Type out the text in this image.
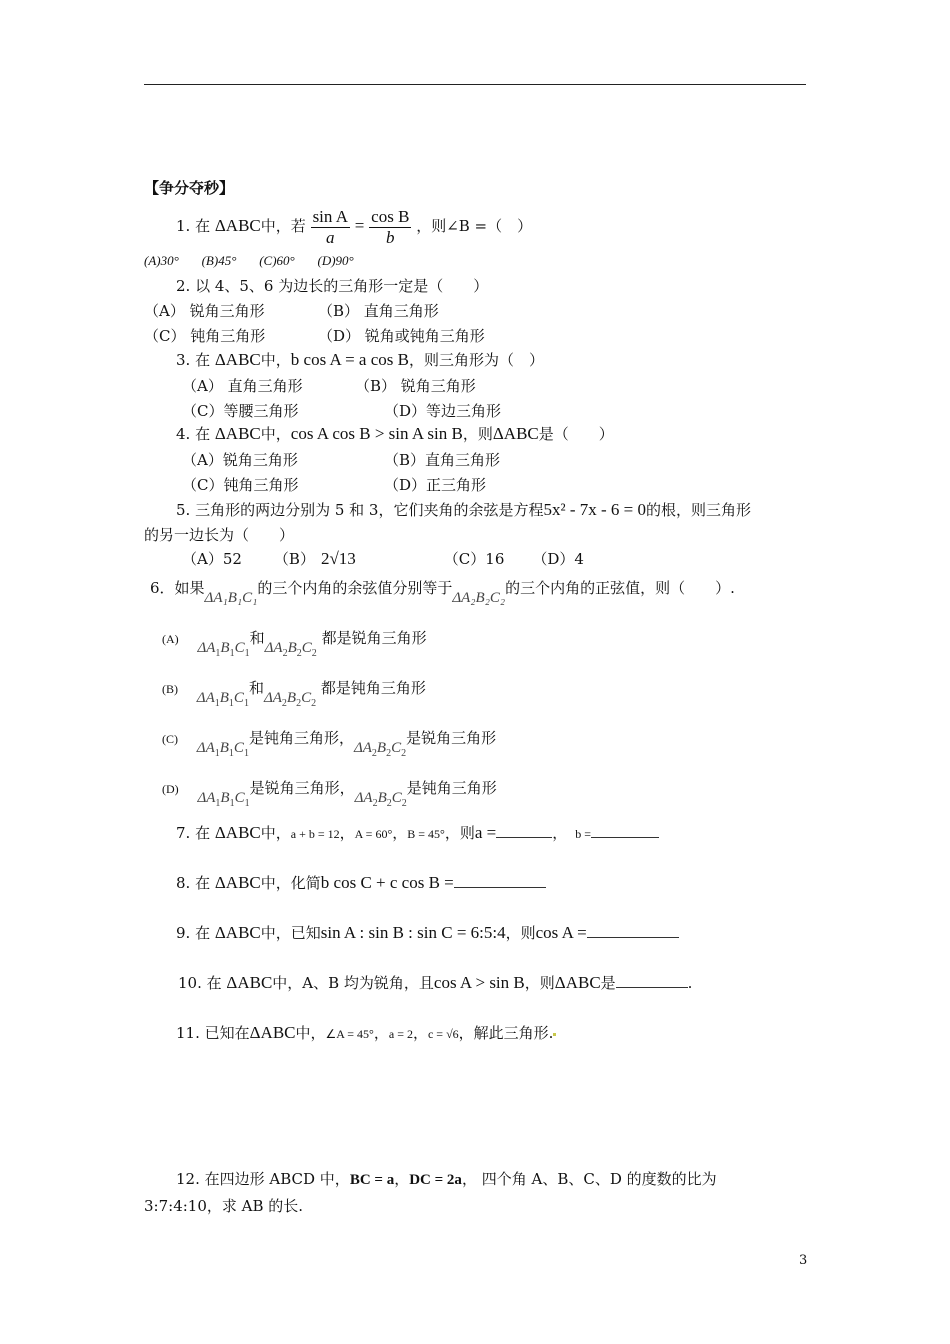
【争分夺秒】
1. 在 ΔABC中，若 $\frac{\text{sin A}}{a} = \frac{\text{cos B}}{b}$ ，则∠B =（　）
(A)30° (B)45° (C)60° (D)90°
2. 以 4、5、6 为边长的三角形一定是（　　）
（A） 锐角三角形	（B） 直角三角形
（C） 钝角三角形	（D） 锐角或钝角三角形
3. 在 ΔABC中，b cos A = a cos B，则三角形为（　）
（A） 直角三角形	（B） 锐角三角形
（C）等腰三角形	（D）等边三角形
4. 在 ΔABC中，cos A cos B > sin A sin B，则ΔABC是（　　）
（A）锐角三角形	（B）直角三角形
（C）钝角三角形	（D）正三角形
5. 三角形的两边分别为 5 和 3，它们夹角的余弦是方程5x² - 7x - 6 = 0的根，则三角形
的另一边长为（　　）
（A）52 （B） 2√13	（C）16 （D）4
6．如果ΔA₁B₁C₁的三个内角的余弦值分别等于ΔA₂B₂C₂的三个内角的正弦值，则（　　）.
(A) $\Delta A_1B_1C_1$和$\Delta A_2B_2C_2$ 都是锐角三角形
(B) $\Delta A_1B_1C_1$和$\Delta A_2B_2C_2$ 都是钝角三角形
(C) $\Delta A_1B_1C_1$是钝角三角形，$\Delta A_2B_2C_2$是锐角三角形
(D) $\Delta A_1B_1C_1$是锐角三角形，$\Delta A_2B_2C_2$是钝角三角形
7. 在 ΔABC中，a + b = 12，A = 60°，B = 45°，则a =	， b =
8. 在 ΔABC中，化简b cos C + c cos B =
9. 在 ΔABC中，已知sin A : sin B : sin C = 6:5:4，则cos A =
10. 在 ΔABC中，A、B 均为锐角，且cos A > sin B，则ΔABC是	.
11. 已知在ΔABC中，∠A = 45°，a = 2，c = √6，解此三角形.
12. 在四边形 ABCD 中，BC = a，DC = 2a， 四个角 A、B、C、D 的度数的比为
3:7:4:10，求 AB 的长.
3
